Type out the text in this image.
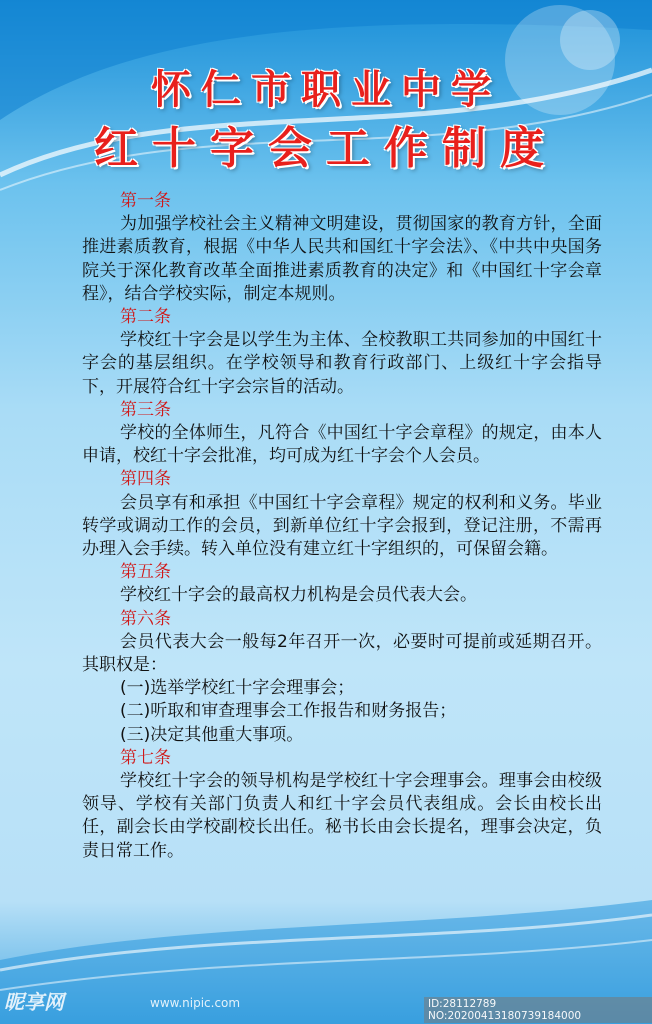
怀仁市职业中学
红十字会工作制度
第一条

为加强学校社会主义精神文明建设，贯彻国家的教育方针，全面推进素质教育，根据《中华人民共和国红十字会法》、《中共中央国务院关于深化教育改革全面推进素质教育的决定》和《中国红十字会章程》，结合学校实际，制定本规则。

第二条

学校红十字会是以学生为主体、全校教职工共同参加的中国红十字会的基层组织。在学校领导和教育行政部门、上级红十字会指导下，开展符合红十字会宗旨的活动。

第三条

学校的全体师生，凡符合《中国红十字会章程》的规定，由本人申请，校红十字会批准，均可成为红十字会个人会员。

第四条

会员享有和承担《中国红十字会章程》规定的权利和义务。毕业转学或调动工作的会员，到新单位红十字会报到，登记注册，不需再办理入会手续。转入单位没有建立红十字组织的，可保留会籍。

第五条

学校红十字会的最高权力机构是会员代表大会。

第六条

会员代表大会一般每2年召开一次，必要时可提前或延期召开。其职权是：

(一)选举学校红十字会理事会；
(二)听取和审查理事会工作报告和财务报告；
(三)决定其他重大事项。
第七条

学校红十字会的领导机构是学校红十字会理事会。理事会由校级领导、学校有关部门负责人和红十字会员代表组成。会长由校长出任，副会长由学校副校长出任。秘书长由会长提名，理事会决定，负责日常工作。

昵享网	www.nipic.com	ID:28112789 NO:20200413180739184000
